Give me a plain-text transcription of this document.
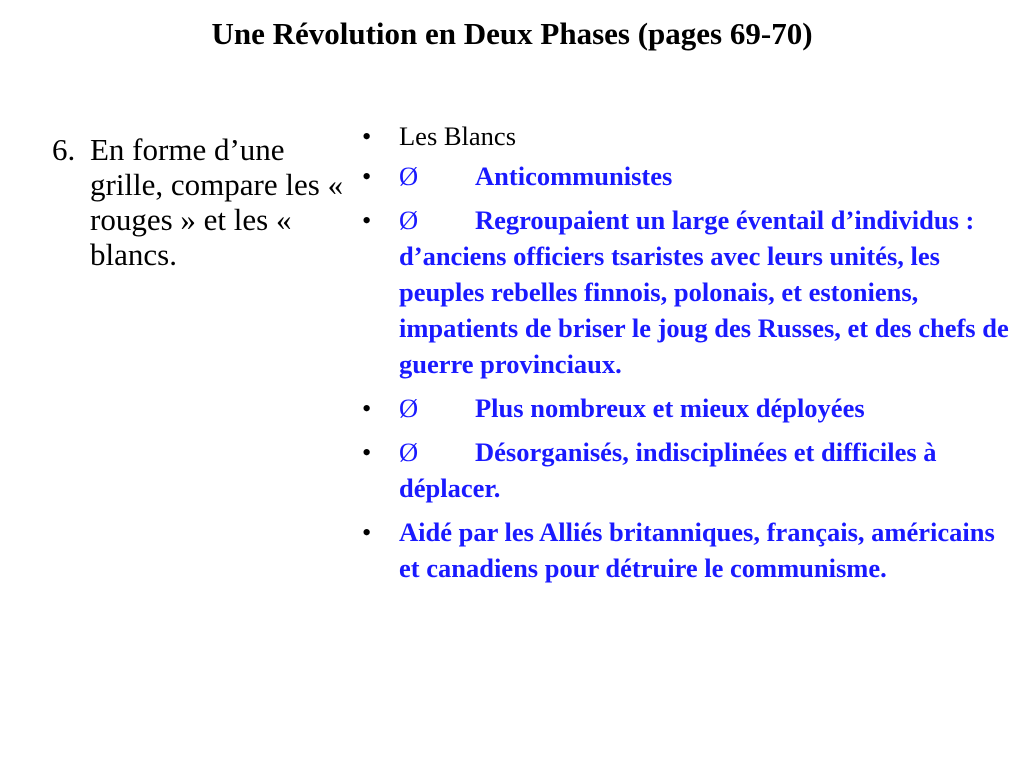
Une Révolution en Deux Phases (pages 69-70)
6. En forme d’une grille, compare les « rouges » et les « blancs.
• Les Blancs
• Ø Anticommunistes
• Ø Regroupaient un large éventail d’individus : d’anciens officiers tsaristes avec leurs unités, les peuples rebelles finnois, polonais, et estoniens, impatients de briser le joug des Russes, et des chefs de guerre provinciaux.
• Ø Plus nombreux et mieux déployées
• Ø Désorganisés, indisciplinées et difficiles à déplacer.
• Aidé par les Alliés britanniques, français, américains et canadiens pour détruire le communisme.
